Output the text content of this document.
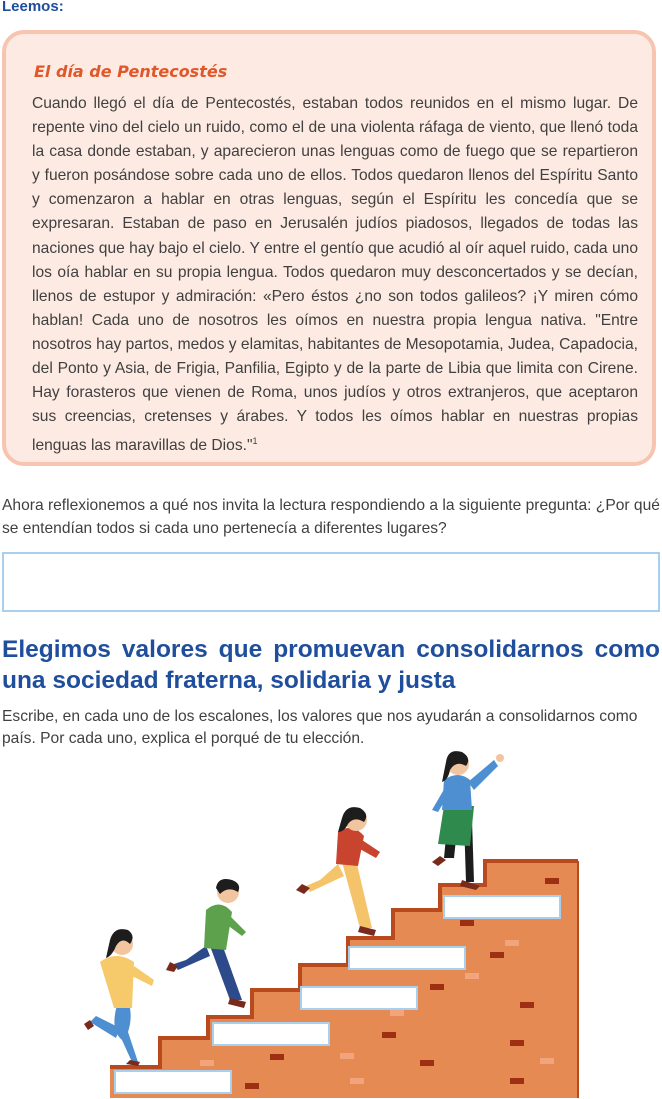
Leemos:
El día de Pentecostés
Cuando llegó el día de Pentecostés, estaban todos reunidos en el mismo lugar. De repente vino del cielo un ruido, como el de una violenta ráfaga de viento, que llenó toda la casa donde estaban, y aparecieron unas lenguas como de fuego que se repartieron y fueron posándose sobre cada uno de ellos. Todos quedaron llenos del Espíritu Santo y comenzaron a hablar en otras lenguas, según el Espíritu les concedía que se expresaran. Estaban de paso en Jerusalén judíos piadosos, llegados de todas las naciones que hay bajo el cielo. Y entre el gentío que acudió al oír aquel ruido, cada uno los oía hablar en su propia lengua. Todos quedaron muy desconcertados y se decían, llenos de estupor y admiración: «Pero éstos ¿no son todos galileos? ¡Y miren cómo hablan! Cada uno de nosotros les oímos en nuestra propia lengua nativa. "Entre nosotros hay partos, medos y elamitas, habitantes de Mesopotamia, Judea, Capadocia, del Ponto y Asia, de Frigia, Panfilia, Egipto y de la parte de Libia que limita con Cirene. Hay forasteros que vienen de Roma, unos judíos y otros extranjeros, que aceptaron sus creencias, cretenses y árabes. Y todos les oímos hablar en nuestras propias lenguas las maravillas de Dios."$^1$
Ahora reflexionemos a qué nos invita la lectura respondiendo a la siguiente pregunta: ¿Por qué se entendían todos si cada uno pertenecía a diferentes lugares?
Elegimos valores que promuevan consolidarnos como una sociedad fraterna, solidaria y justa
Escribe, en cada uno de los escalones, los valores que nos ayudarán a consolidarnos como país. Por cada uno, explica el porqué de tu elección.
